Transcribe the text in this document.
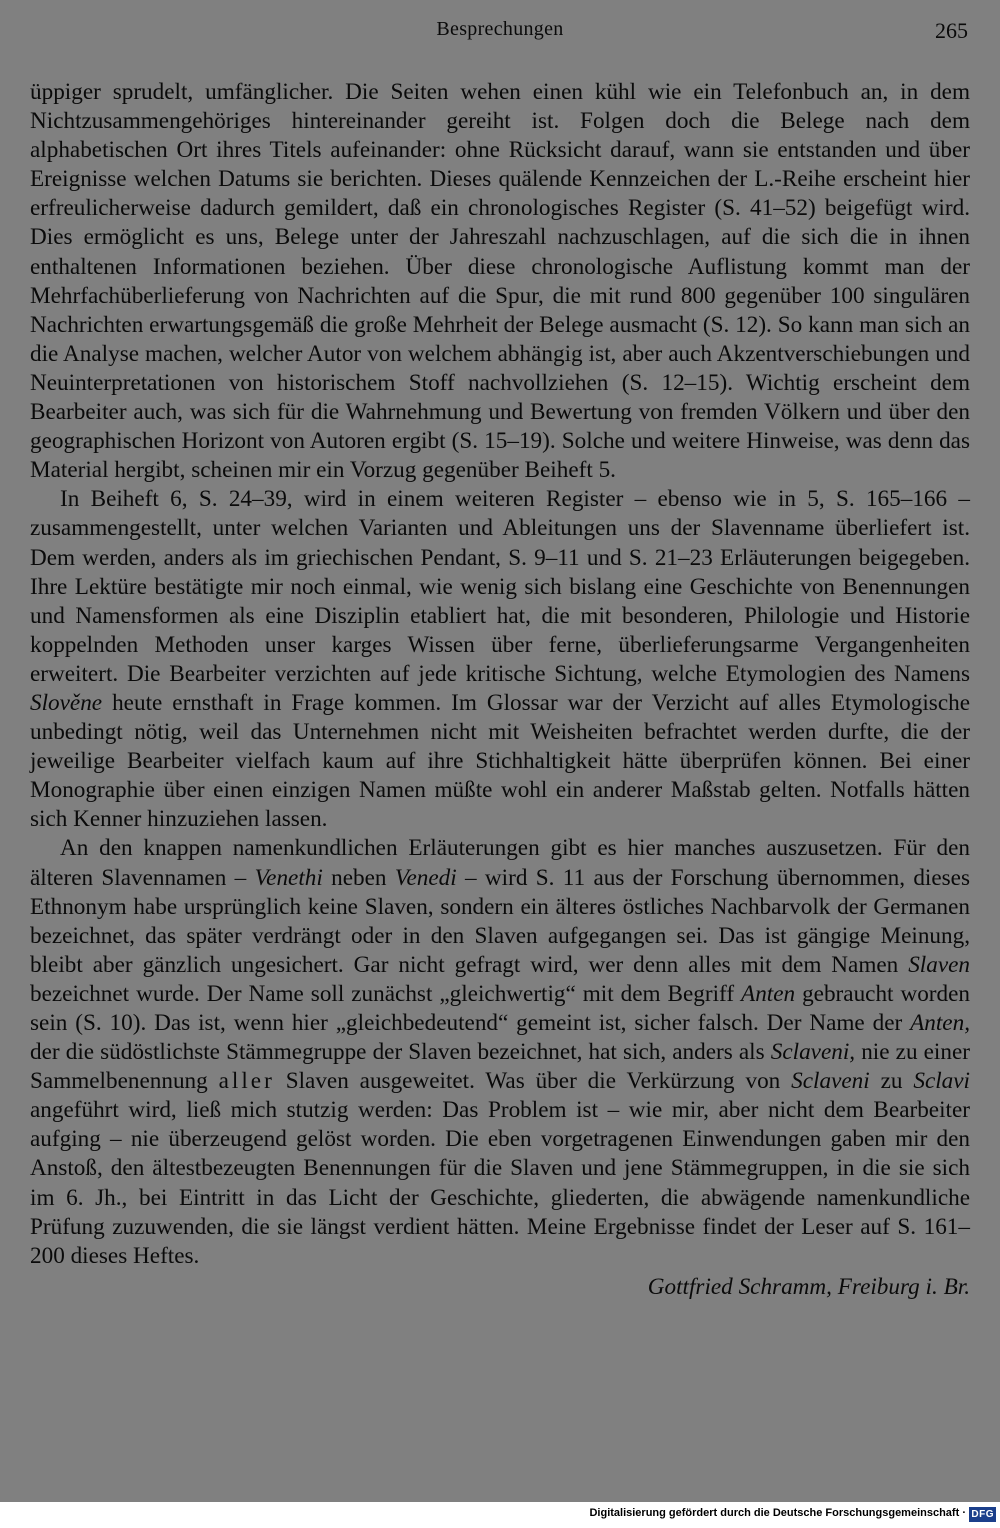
Besprechungen	265

üppiger sprudelt, umfänglicher. Die Seiten wehen einen kühl wie ein Telefonbuch an, in dem Nichtzusammengehöriges hintereinander gereiht ist. Folgen doch die Belege nach dem alphabetischen Ort ihres Titels aufeinander: ohne Rücksicht darauf, wann sie entstanden und über Ereignisse welchen Datums sie berichten. Dieses quälende Kennzeichen der L.-Reihe erscheint hier erfreulicherweise dadurch gemildert, daß ein chronologisches Register (S. 41–52) beigefügt wird. Dies ermöglicht es uns, Belege unter der Jahreszahl nachzuschlagen, auf die sich die in ihnen enthaltenen Informationen beziehen. Über diese chronologische Auflistung kommt man der Mehrfachüberlieferung von Nachrichten auf die Spur, die mit rund 800 gegenüber 100 singulären Nachrichten erwartungsgemäß die große Mehrheit der Belege ausmacht (S. 12). So kann man sich an die Analyse machen, welcher Autor von welchem abhängig ist, aber auch Akzentverschiebungen und Neuinterpretationen von historischem Stoff nachvollziehen (S. 12–15). Wichtig erscheint dem Bearbeiter auch, was sich für die Wahrnehmung und Bewertung von fremden Völkern und über den geographischen Horizont von Autoren ergibt (S. 15–19). Solche und weitere Hinweise, was denn das Material hergibt, scheinen mir ein Vorzug gegenüber Beiheft 5.

In Beiheft 6, S. 24–39, wird in einem weiteren Register – ebenso wie in 5, S. 165–166 – zusammengestellt, unter welchen Varianten und Ableitungen uns der Slavenname überliefert ist. Dem werden, anders als im griechischen Pendant, S. 9–11 und S. 21–23 Erläuterungen beigegeben. Ihre Lektüre bestätigte mir noch einmal, wie wenig sich bislang eine Geschichte von Benennungen und Namensformen als eine Disziplin etabliert hat, die mit besonderen, Philologie und Historie koppelnden Methoden unser karges Wissen über ferne, überlieferungsarme Vergangenheiten erweitert. Die Bearbeiter verzichten auf jede kritische Sichtung, welche Etymologien des Namens Slověne heute ernsthaft in Frage kommen. Im Glossar war der Verzicht auf alles Etymologische unbedingt nötig, weil das Unternehmen nicht mit Weisheiten befrachtet werden durfte, die der jeweilige Bearbeiter vielfach kaum auf ihre Stichhaltigkeit hätte überprüfen können. Bei einer Monographie über einen einzigen Namen müßte wohl ein anderer Maßstab gelten. Notfalls hätten sich Kenner hinzuziehen lassen.

An den knappen namenkundlichen Erläuterungen gibt es hier manches auszusetzen. Für den älteren Slavennamen – Venethi neben Venedi – wird S. 11 aus der Forschung übernommen, dieses Ethnonym habe ursprünglich keine Slaven, sondern ein älteres östliches Nachbarvolk der Germanen bezeichnet, das später verdrängt oder in den Slaven aufgegangen sei. Das ist gängige Meinung, bleibt aber gänzlich ungesichert. Gar nicht gefragt wird, wer denn alles mit dem Namen Slaven bezeichnet wurde. Der Name soll zunächst „gleichwertig“ mit dem Begriff Anten gebraucht worden sein (S. 10). Das ist, wenn hier „gleichbedeutend“ gemeint ist, sicher falsch. Der Name der Anten, der die südöstlichste Stämmegruppe der Slaven bezeichnet, hat sich, anders als Sclaveni, nie zu einer Sammelbenennung aller Slaven ausgeweitet. Was über die Verkürzung von Sclaveni zu Sclavi angeführt wird, ließ mich stutzig werden: Das Problem ist – wie mir, aber nicht dem Bearbeiter aufging – nie überzeugend gelöst worden. Die eben vorgetragenen Einwendungen gaben mir den Anstoß, den ältestbezeugten Benennungen für die Slaven und jene Stämmegruppen, in die sie sich im 6. Jh., bei Eintritt in das Licht der Geschichte, gliederten, die abwägende namenkundliche Prüfung zuzuwenden, die sie längst verdient hätten. Meine Ergebnisse findet der Leser auf S. 161–200 dieses Heftes.

Gottfried Schramm, Freiburg i. Br.

Digitalisierung gefördert durch die Deutsche Forschungsgemeinschaft · DFG
